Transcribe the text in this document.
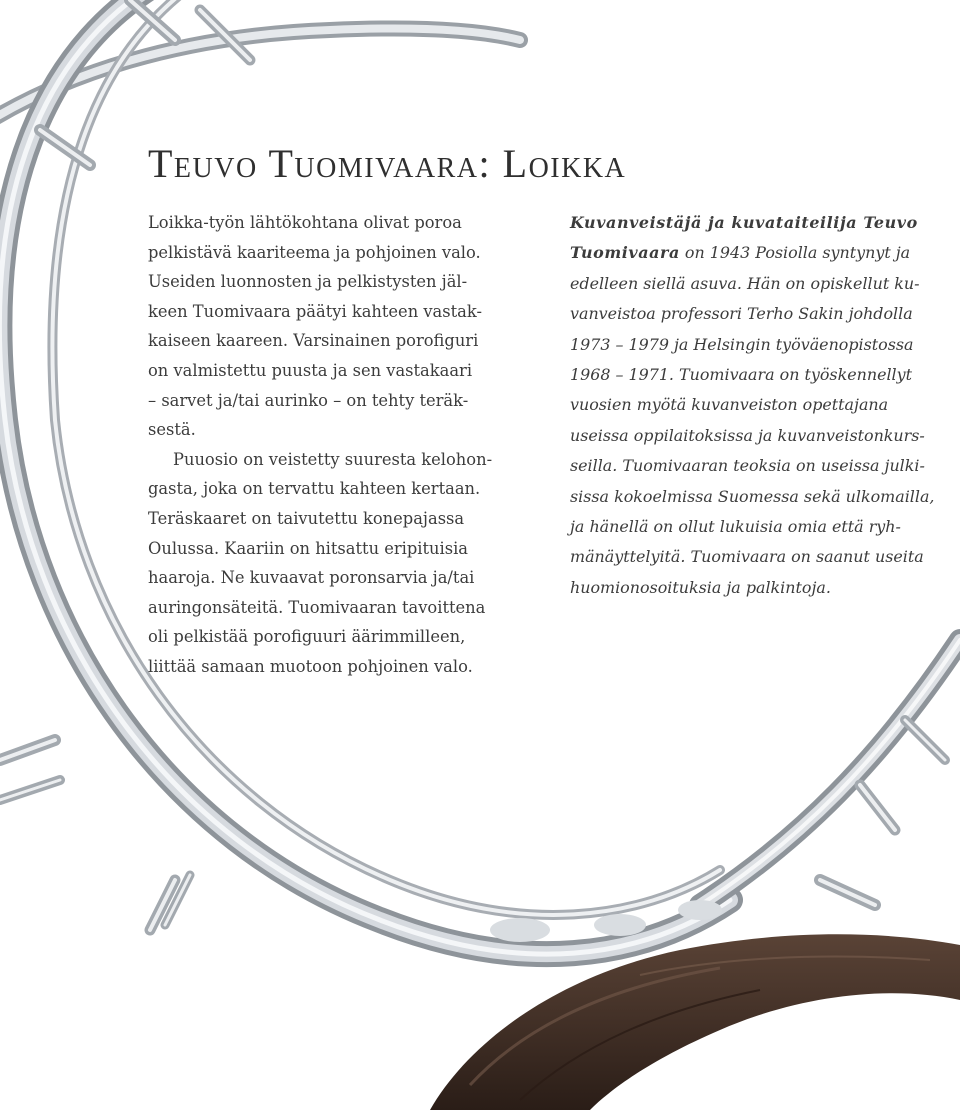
Teuvo Tuomivaara: Loikka
Loikka-työn lähtökohtana olivat poroa
pelkistävä kaariteema ja pohjoinen valo.
Useiden luonnosten ja pelkistysten jäl-
keen Tuomivaara päätyi kahteen vastak-
kaiseen kaareen. Varsinainen porofiguri
on valmistettu puusta ja sen vastakaari
– sarvet ja/tai aurinko – on tehty teräk-
sestä.
Puuosio on veistetty suuresta kelohon-
gasta, joka on tervattu kahteen kertaan.
Teräskaaret on taivutettu konepajassa
Oulussa. Kaariin on hitsattu eripituisia
haaroja. Ne kuvaavat poronsarvia ja/tai
auringonsäteitä. Tuomivaaran tavoittena
oli pelkistää porofiguuri äärimmilleen,
liittää samaan muotoon pohjoinen valo.
Kuvanveistäjä ja kuvataiteilija Teuvo
Tuomivaara on 1943 Posiolla syntynyt ja
edelleen siellä asuva. Hän on opiskellut ku-
vanveistoa professori Terho Sakin johdolla
1973 – 1979 ja Helsingin työväenopistossa
1968 – 1971. Tuomivaara on työskennellyt
vuosien myötä kuvanveiston opettajana
useissa oppilaitoksissa ja kuvanveistonkurs-
seilla. Tuomivaaran teoksia on useissa julki-
sissa kokoelmissa Suomessa sekä ulkomailla,
ja hänellä on ollut lukuisia omia että ryh-
mänäyttelyitä. Tuomivaara on saanut useita
huomionosoituksia ja palkintoja.
